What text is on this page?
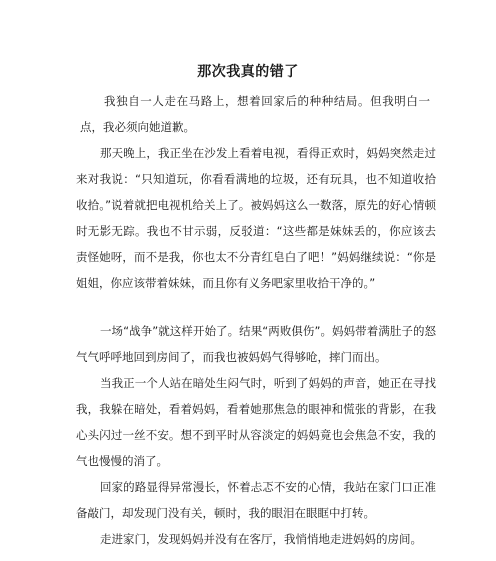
那次我真的错了

我独自一人走在马路上，想着回家后的种种结局。但我明白一点，我必须向她道歉。

那天晚上，我正坐在沙发上看着电视，看得正欢时，妈妈突然走过来对我说：“只知道玩，你看看满地的垃圾，还有玩具，也不知道收拾收拾。”说着就把电视机给关上了。被妈妈这么一数落，原先的好心情顿时无影无踪。我也不甘示弱，反驳道：“这些都是妹妹丢的，你应该去责怪她呀，而不是我，你也太不分青红皂白了吧！”妈妈继续说：“你是姐姐，你应该带着妹妹，而且你有义务吧家里收拾干净的。”

一场“战争”就这样开始了。结果“两败俱伤”。妈妈带着满肚子的怒气气呼呼地回到房间了，而我也被妈妈气得够呛，摔门而出。

当我正一个人站在暗处生闷气时，听到了妈妈的声音，她正在寻找我，我躲在暗处，看着妈妈，看着她那焦急的眼神和慌张的背影，在我心头闪过一丝不安。想不到平时从容淡定的妈妈竟也会焦急不安，我的气也慢慢的消了。

回家的路显得异常漫长，怀着忐忑不安的心情，我站在家门口正准备敲门，却发现门没有关，顿时，我的眼泪在眼眶中打转。

走进家门，发现妈妈并没有在客厅，我悄悄地走进妈妈的房间。
